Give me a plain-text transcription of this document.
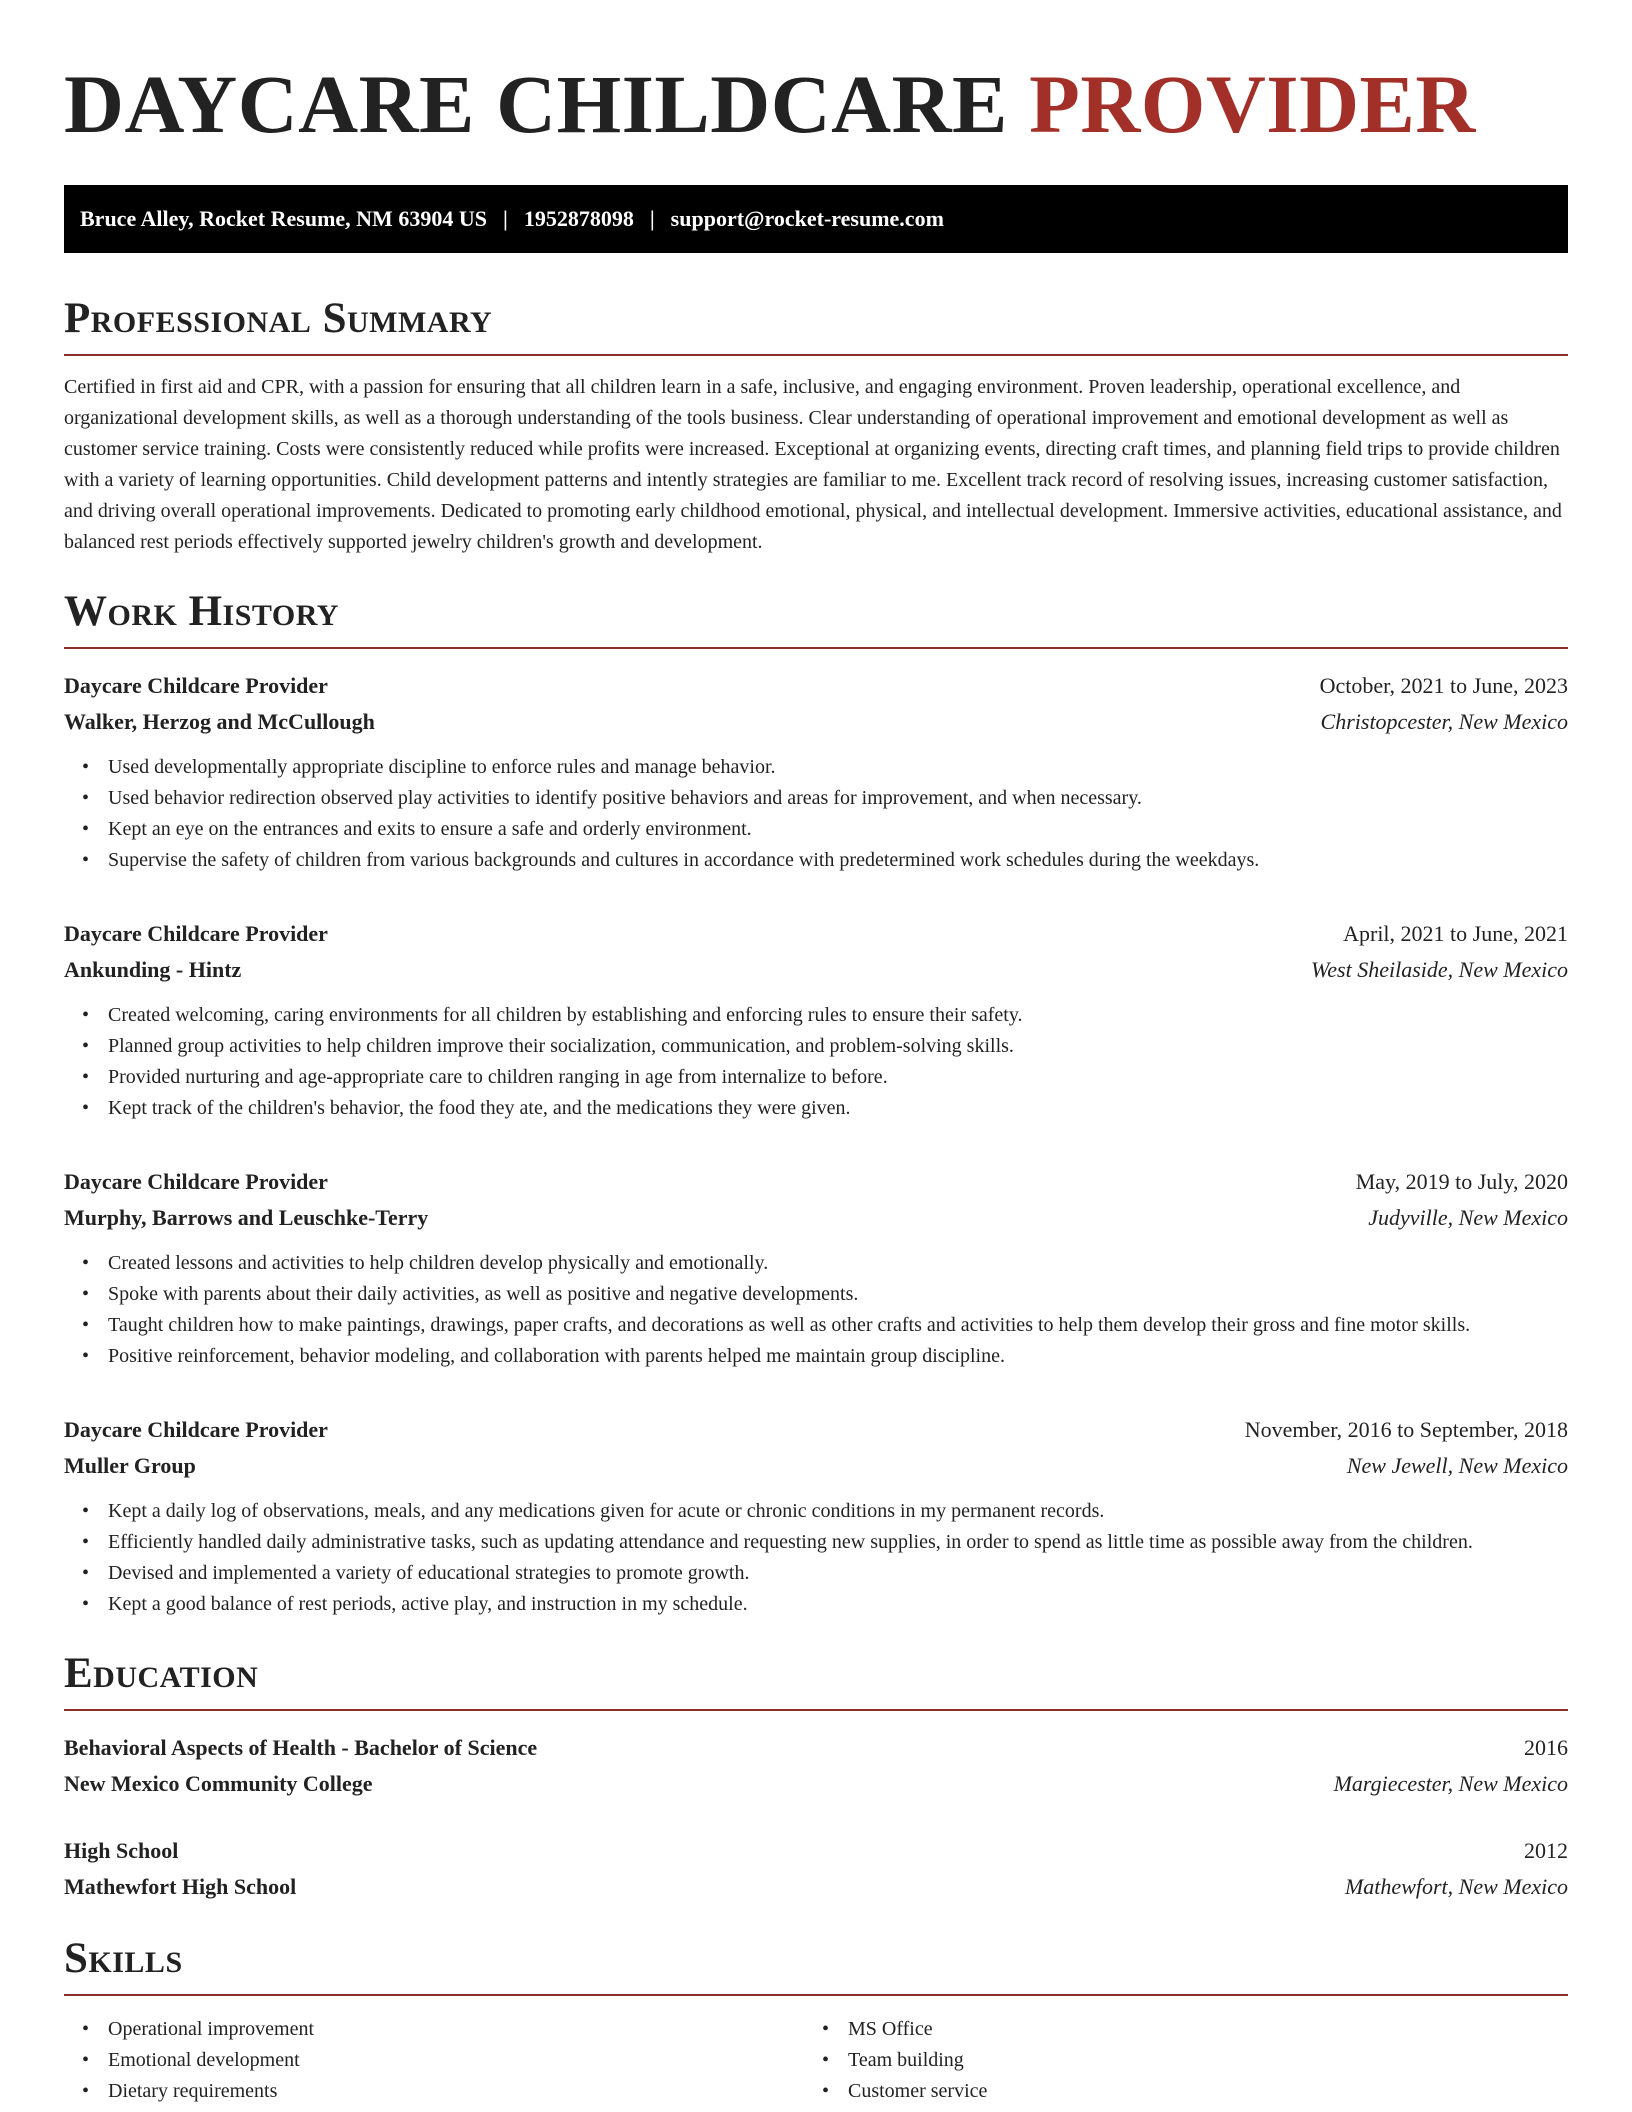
DAYCARE CHILDCARE PROVIDER
Bruce Alley, Rocket Resume, NM 63904 US | 1952878098 | support@rocket-resume.com
Professional Summary

Certified in first aid and CPR, with a passion for ensuring that all children learn in a safe, inclusive, and engaging environment. Proven leadership, operational excellence, and organizational development skills, as well as a thorough understanding of the tools business. Clear understanding of operational improvement and emotional development as well as customer service training. Costs were consistently reduced while profits were increased. Exceptional at organizing events, directing craft times, and planning field trips to provide children with a variety of learning opportunities. Child development patterns and intently strategies are familiar to me. Excellent track record of resolving issues, increasing customer satisfaction, and driving overall operational improvements. Dedicated to promoting early childhood emotional, physical, and intellectual development. Immersive activities, educational assistance, and balanced rest periods effectively supported jewelry children's growth and development.

Work History
Daycare Childcare Provider	October, 2021 to June, 2023
Walker, Herzog and McCullough	Christopcester, New Mexico
• Used developmentally appropriate discipline to enforce rules and manage behavior.
• Used behavior redirection observed play activities to identify positive behaviors and areas for improvement, and when necessary.
• Kept an eye on the entrances and exits to ensure a safe and orderly environment.
• Supervise the safety of children from various backgrounds and cultures in accordance with predetermined work schedules during the weekdays.
Daycare Childcare Provider	April, 2021 to June, 2021
Ankunding - Hintz	West Sheilaside, New Mexico
• Created welcoming, caring environments for all children by establishing and enforcing rules to ensure their safety.
• Planned group activities to help children improve their socialization, communication, and problem-solving skills.
• Provided nurturing and age-appropriate care to children ranging in age from internalize to before.
• Kept track of the children's behavior, the food they ate, and the medications they were given.
Daycare Childcare Provider	May, 2019 to July, 2020
Murphy, Barrows and Leuschke-Terry	Judyville, New Mexico
• Created lessons and activities to help children develop physically and emotionally.
• Spoke with parents about their daily activities, as well as positive and negative developments.
• Taught children how to make paintings, drawings, paper crafts, and decorations as well as other crafts and activities to help them develop their gross and fine motor skills.
• Positive reinforcement, behavior modeling, and collaboration with parents helped me maintain group discipline.
Daycare Childcare Provider	November, 2016 to September, 2018
Muller Group	New Jewell, New Mexico
• Kept a daily log of observations, meals, and any medications given for acute or chronic conditions in my permanent records.
• Efficiently handled daily administrative tasks, such as updating attendance and requesting new supplies, in order to spend as little time as possible away from the children.
• Devised and implemented a variety of educational strategies to promote growth.
• Kept a good balance of rest periods, active play, and instruction in my schedule.
Education
Behavioral Aspects of Health - Bachelor of Science	2016
New Mexico Community College	Margiecester, New Mexico
High School	2012
Mathewfort High School	Mathewfort, New Mexico
Skills
• Operational improvement
• Emotional development
• Dietary requirements
• MS Office
• Team building
• Customer service
